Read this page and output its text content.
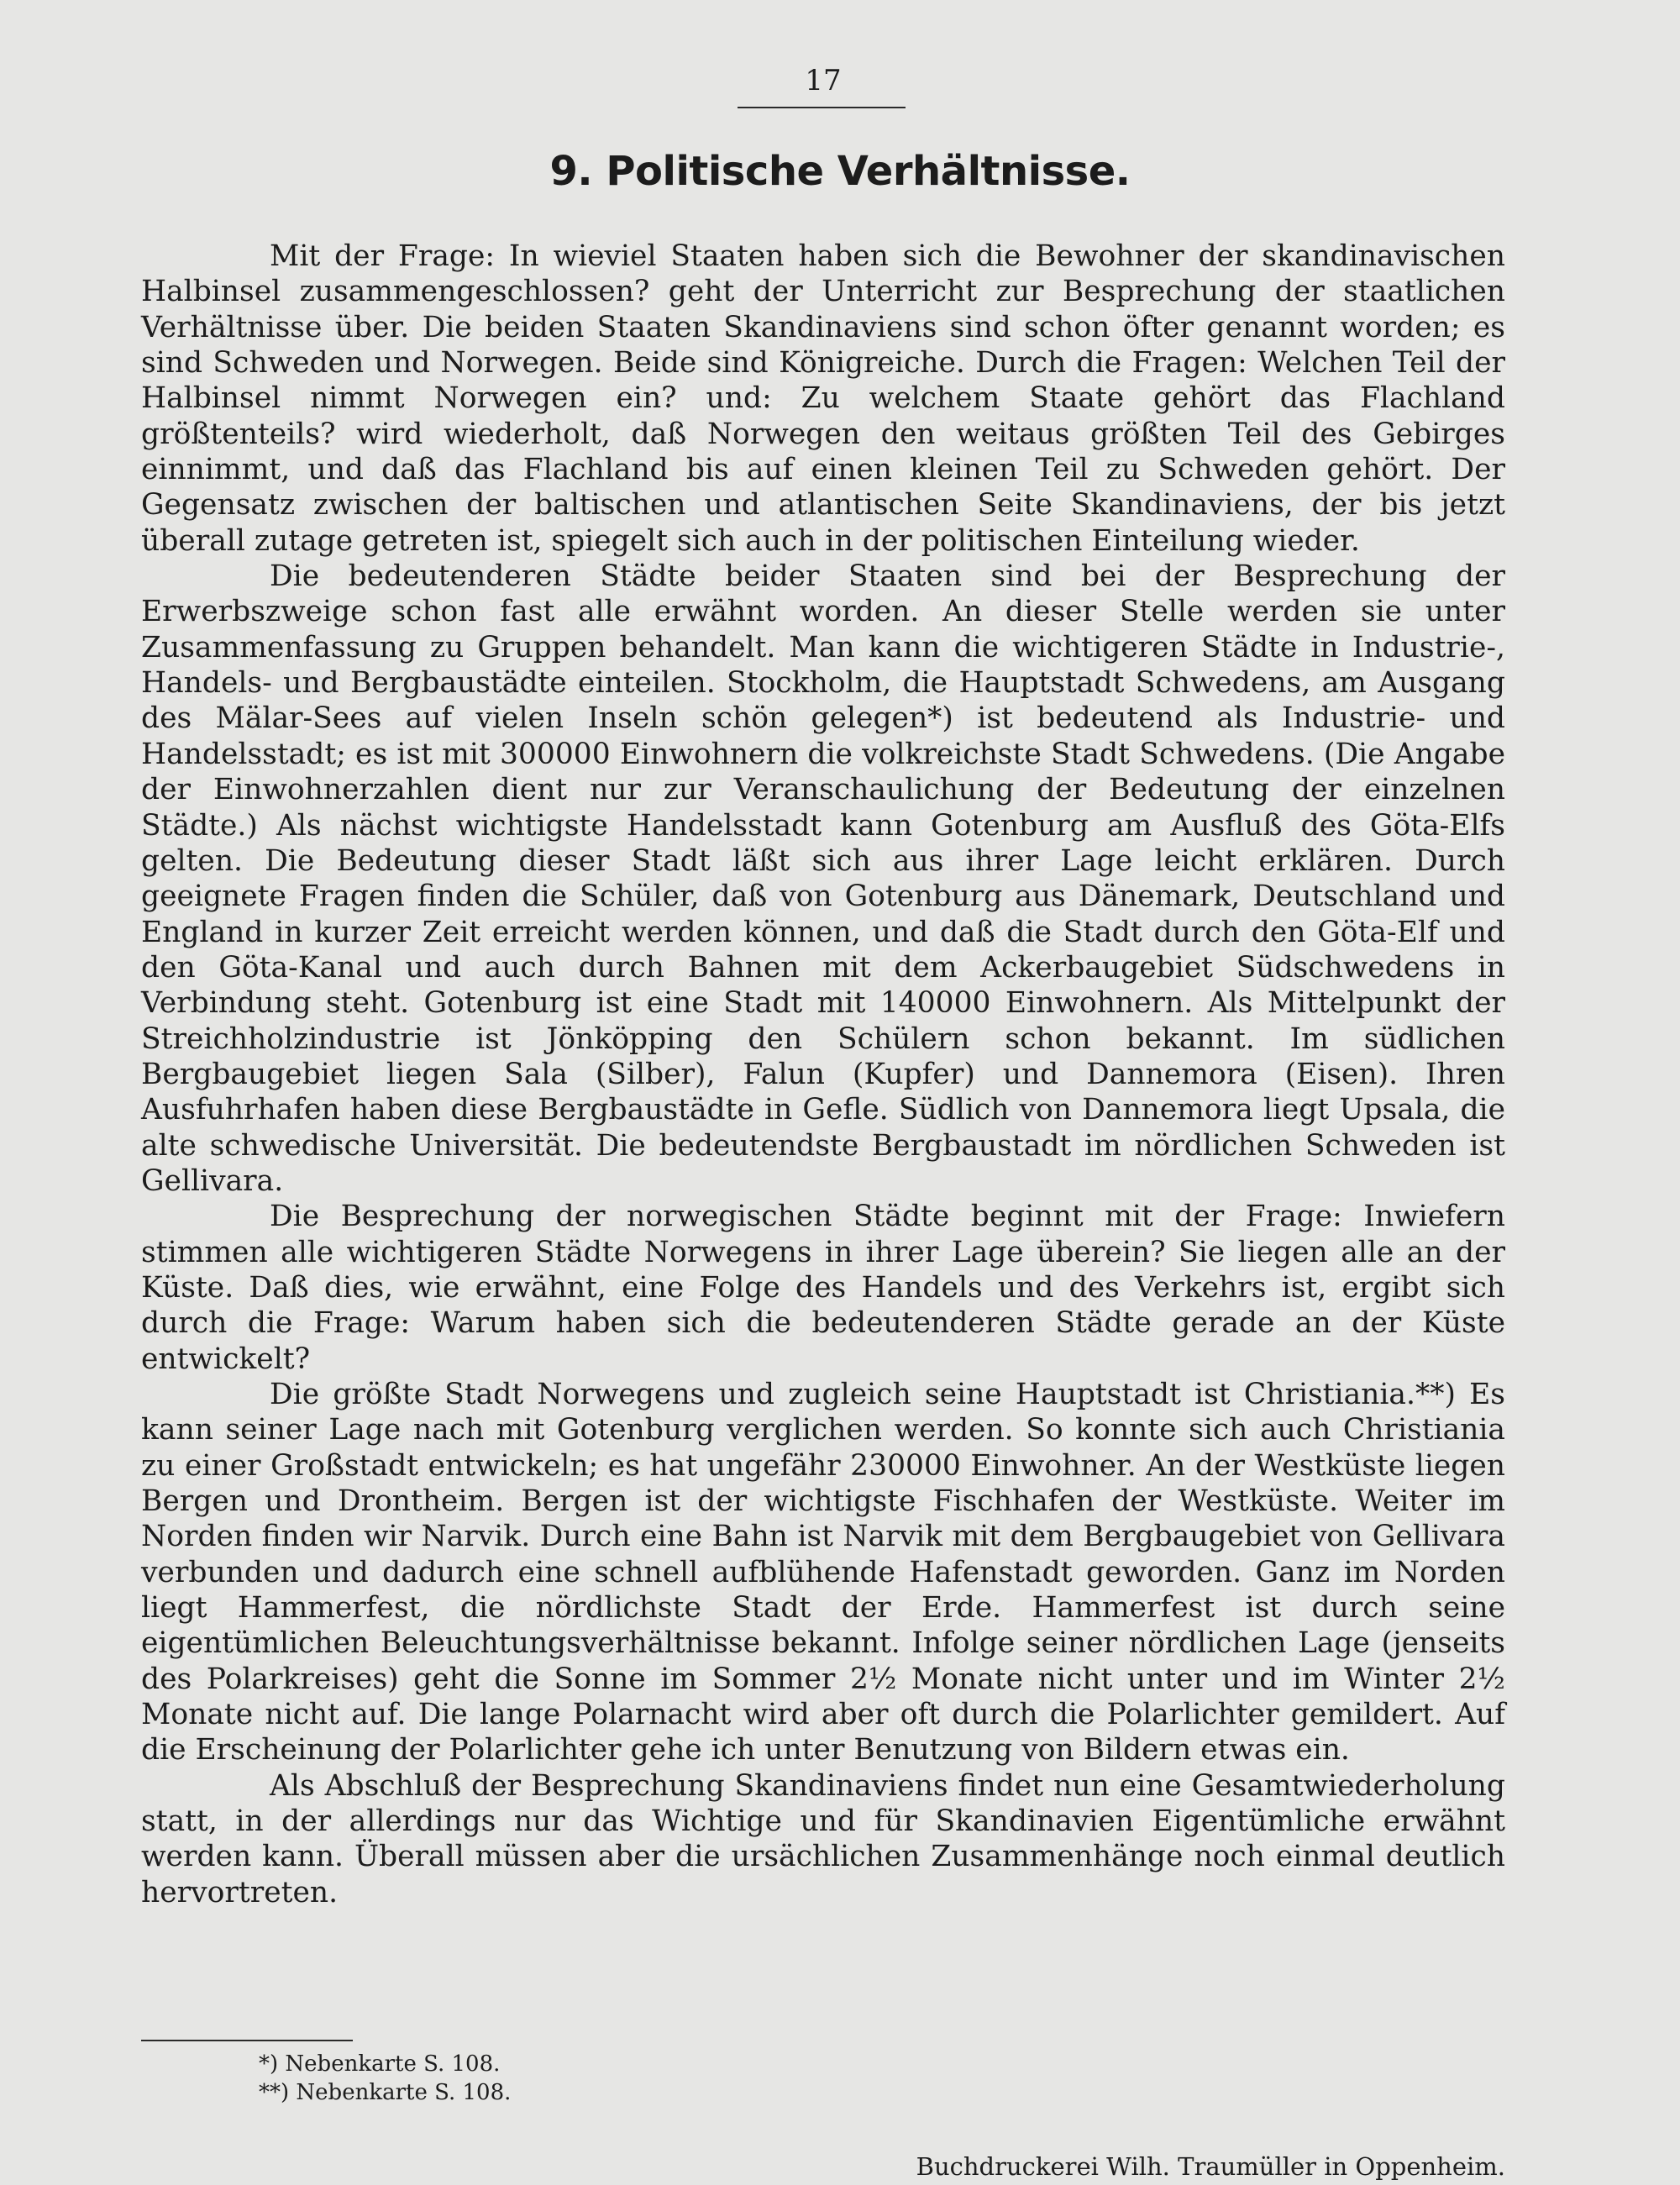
17
9. Politische Verhältnisse.

Mit der Frage: In wieviel Staaten haben sich die Bewohner der skandinavischen Halbinsel zusammengeschlossen? geht der Unterricht zur Besprechung der staatlichen Verhältnisse über. Die beiden Staaten Skandinaviens sind schon öfter genannt worden; es sind Schweden und Norwegen. Beide sind Königreiche. Durch die Fragen: Welchen Teil der Halbinsel nimmt Norwegen ein? und: Zu welchem Staate gehört das Flachland größtenteils? wird wiederholt, daß Norwegen den weitaus größten Teil des Gebirges einnimmt, und daß das Flachland bis auf einen kleinen Teil zu Schweden gehört. Der Gegensatz zwischen der baltischen und atlantischen Seite Skandinaviens, der bis jetzt überall zutage getreten ist, spiegelt sich auch in der politischen Einteilung wieder.

Die bedeutenderen Städte beider Staaten sind bei der Besprechung der Erwerbszweige schon fast alle erwähnt worden. An dieser Stelle werden sie unter Zusammenfassung zu Gruppen behandelt. Man kann die wichtigeren Städte in Industrie-, Handels- und Bergbaustädte einteilen. Stockholm, die Hauptstadt Schwedens, am Ausgang des Mälar-Sees auf vielen Inseln schön gelegen*) ist bedeutend als Industrie- und Handelsstadt; es ist mit 300000 Einwohnern die volkreichste Stadt Schwedens. (Die Angabe der Einwohnerzahlen dient nur zur Veranschaulichung der Bedeutung der einzelnen Städte.) Als nächst wichtigste Handelsstadt kann Gotenburg am Ausfluß des Göta-Elfs gelten. Die Bedeutung dieser Stadt läßt sich aus ihrer Lage leicht erklären. Durch geeignete Fragen finden die Schüler, daß von Gotenburg aus Dänemark, Deutschland und England in kurzer Zeit erreicht werden können, und daß die Stadt durch den Göta-Elf und den Göta-Kanal und auch durch Bahnen mit dem Ackerbaugebiet Südschwedens in Verbindung steht. Gotenburg ist eine Stadt mit 140000 Einwohnern. Als Mittelpunkt der Streichholzindustrie ist Jönköpping den Schülern schon bekannt. Im südlichen Bergbaugebiet liegen Sala (Silber), Falun (Kupfer) und Dannemora (Eisen). Ihren Ausfuhrhafen haben diese Bergbaustädte in Gefle. Südlich von Dannemora liegt Upsala, die alte schwedische Universität. Die bedeutendste Bergbaustadt im nördlichen Schweden ist Gellivara.

Die Besprechung der norwegischen Städte beginnt mit der Frage: Inwiefern stimmen alle wichtigeren Städte Norwegens in ihrer Lage überein? Sie liegen alle an der Küste. Daß dies, wie erwähnt, eine Folge des Handels und des Verkehrs ist, ergibt sich durch die Frage: Warum haben sich die bedeutenderen Städte gerade an der Küste entwickelt?

Die größte Stadt Norwegens und zugleich seine Hauptstadt ist Christiania.**) Es kann seiner Lage nach mit Gotenburg verglichen werden. So konnte sich auch Christiania zu einer Großstadt entwickeln; es hat ungefähr 230000 Einwohner. An der Westküste liegen Bergen und Drontheim. Bergen ist der wichtigste Fischhafen der Westküste. Weiter im Norden finden wir Narvik. Durch eine Bahn ist Narvik mit dem Bergbaugebiet von Gellivara verbunden und dadurch eine schnell aufblühende Hafenstadt geworden. Ganz im Norden liegt Hammerfest, die nördlichste Stadt der Erde. Hammerfest ist durch seine eigentümlichen Beleuchtungsverhältnisse bekannt. Infolge seiner nördlichen Lage (jenseits des Polarkreises) geht die Sonne im Sommer 2½ Monate nicht unter und im Winter 2½ Monate nicht auf. Die lange Polarnacht wird aber oft durch die Polarlichter gemildert. Auf die Erscheinung der Polarlichter gehe ich unter Benutzung von Bildern etwas ein.

Als Abschluß der Besprechung Skandinaviens findet nun eine Gesamtwiederholung statt, in der allerdings nur das Wichtige und für Skandinavien Eigentümliche erwähnt werden kann. Überall müssen aber die ursächlichen Zusammenhänge noch einmal deutlich hervortreten.

*) Nebenkarte S. 108.

**) Nebenkarte S. 108.

Buchdruckerei Wilh. Traumüller in Oppenheim.
